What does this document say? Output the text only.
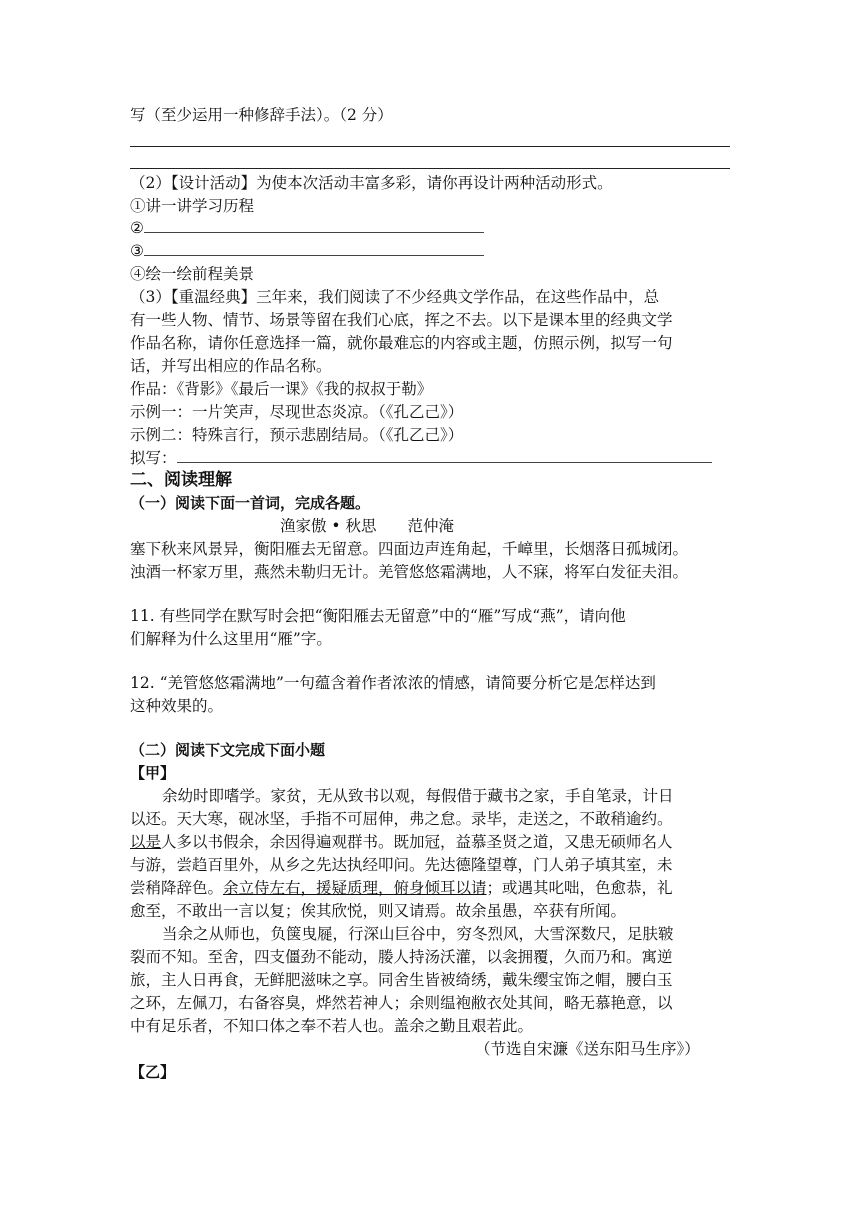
写（至少运用一种修辞手法）。（2 分）
（2）【设计活动】为使本次活动丰富多彩，请你再设计两种活动形式。
①讲一讲学习历程
②
③
④绘一绘前程美景
（3）【重温经典】三年来，我们阅读了不少经典文学作品，在这些作品中，总
有一些人物、情节、场景等留在我们心底，挥之不去。以下是课本里的经典文学
作品名称，请你任意选择一篇，就你最难忘的内容或主题，仿照示例，拟写一句
话，并写出相应的作品名称。
作品：《背影》《最后一课》《我的叔叔于勒》
示例一：一片笑声，尽现世态炎凉。（《孔乙己》）
示例二：特殊言行，预示悲剧结局。（《孔乙己》）
拟写：
二、阅读理解
（一）阅读下面一首词，完成各题。
渔家傲 • 秋思　　范仲淹
塞下秋来风景异，衡阳雁去无留意。四面边声连角起，千嶂里，长烟落日孤城闭。
浊酒一杯家万里，燕然未勒归无计。羌管悠悠霜满地，人不寐，将军白发征夫泪。
11. 有些同学在默写时会把“衡阳雁去无留意”中的“雁”写成“燕”，请向他
们解释为什么这里用“雁”字。
12. “羌管悠悠霜满地”一句蕴含着作者浓浓的情感，请简要分析它是怎样达到
这种效果的。
（二）阅读下文完成下面小题
【甲】
余幼时即嗜学。家贫，无从致书以观，每假借于藏书之家，手自笔录，计日
以还。天大寒，砚冰坚，手指不可屈伸，弗之怠。录毕，走送之，不敢稍逾约。
以是人多以书假余，余因得遍观群书。既加冠，益慕圣贤之道，又患无硕师名人
与游，尝趋百里外，从乡之先达执经叩问。先达德隆望尊，门人弟子填其室，未
尝稍降辞色。余立侍左右，援疑质理，俯身倾耳以请；或遇其叱咄，色愈恭，礼
愈至，不敢出一言以复；俟其欣悦，则又请焉。故余虽愚，卒获有所闻。
当余之从师也，负箧曳屣，行深山巨谷中，穷冬烈风，大雪深数尺，足肤皲
裂而不知。至舍，四支僵劲不能动，媵人持汤沃灌，以衾拥覆，久而乃和。寓逆
旅，主人日再食，无鲜肥滋味之享。同舍生皆被绮绣，戴朱缨宝饰之帽，腰白玉
之环，左佩刀，右备容臭，烨然若神人；余则缊袍敝衣处其间，略无慕艳意，以
中有足乐者，不知口体之奉不若人也。盖余之勤且艰若此。
（节选自宋濂《送东阳马生序》）
【乙】
